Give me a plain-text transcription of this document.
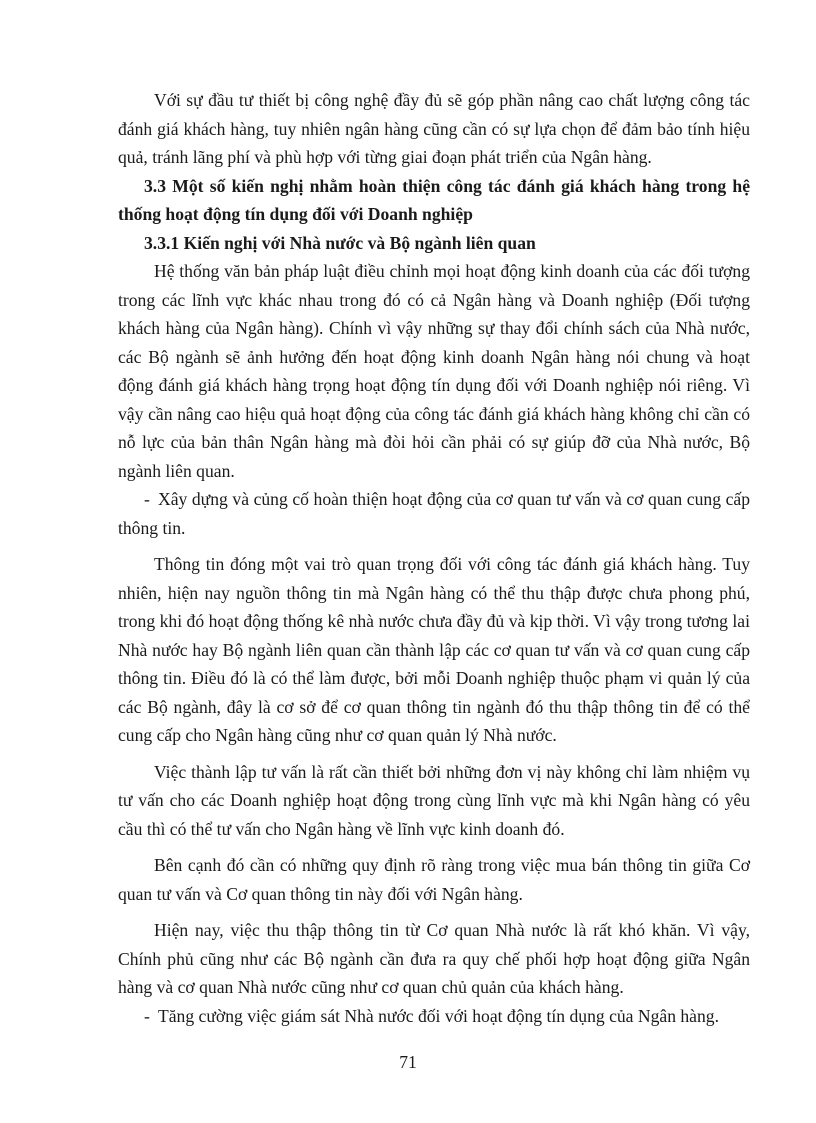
Với sự đầu tư thiết bị công nghệ đầy đủ sẽ góp phần nâng cao chất lượng công tác đánh giá khách hàng, tuy nhiên ngân hàng cũng cần có sự lựa chọn để đảm bảo tính hiệu quả, tránh lãng phí và phù hợp với từng giai đoạn phát triển của Ngân hàng.

3.3 Một số kiến nghị nhằm hoàn thiện công tác đánh giá khách hàng trong hệ thống hoạt động tín dụng đối với Doanh nghiệp
3.3.1 Kiến nghị với Nhà nước và Bộ ngành liên quan

Hệ thống văn bản pháp luật điều chỉnh mọi hoạt động kinh doanh của các đối tượng trong các lĩnh vực khác nhau trong đó có cả Ngân hàng và Doanh nghiệp (Đối tượng khách hàng của Ngân hàng). Chính vì vậy những sự thay đổi chính sách của Nhà nước, các Bộ ngành sẽ ảnh hưởng đến hoạt động kinh doanh Ngân hàng nói chung và hoạt động đánh giá khách hàng trọng hoạt động tín dụng đối với Doanh nghiệp nói riêng. Vì vậy cần nâng cao hiệu quả hoạt động của công tác đánh giá khách hàng không chỉ cần có nỗ lực của bản thân Ngân hàng mà đòi hỏi cần phải có sự giúp đỡ của Nhà nước, Bộ ngành liên quan.

- Xây dựng và củng cố hoàn thiện hoạt động của cơ quan tư vấn và cơ quan cung cấp thông tin.

Thông tin đóng một vai trò quan trọng đối với công tác đánh giá khách hàng. Tuy nhiên, hiện nay nguồn thông tin mà Ngân hàng có thể thu thập được chưa phong phú, trong khi đó hoạt động thống kê nhà nước chưa đầy đủ và kịp thời. Vì vậy trong tương lai Nhà nước hay Bộ ngành liên quan cần thành lập các cơ quan tư vấn và cơ quan cung cấp thông tin. Điều đó là có thể làm được, bởi mỗi Doanh nghiệp thuộc phạm vi quản lý của các Bộ ngành, đây là cơ sở để cơ quan thông tin ngành đó thu thập thông tin để có thể cung cấp cho Ngân hàng cũng như cơ quan quản lý Nhà nước.

Việc thành lập tư vấn là rất cần thiết bởi những đơn vị này không chỉ làm nhiệm vụ tư vấn cho các Doanh nghiệp hoạt động trong cùng lĩnh vực mà khi Ngân hàng có yêu cầu thì có thể tư vấn cho Ngân hàng về lĩnh vực kinh doanh đó.

Bên cạnh đó cần có những quy định rõ ràng trong việc mua bán thông tin giữa Cơ quan tư vấn và Cơ quan thông tin này đối với Ngân hàng.

Hiện nay, việc thu thập thông tin từ Cơ quan Nhà nước là rất khó khăn. Vì vậy, Chính phủ cũng như các Bộ ngành cần đưa ra quy chế phối hợp hoạt động giữa Ngân hàng và cơ quan Nhà nước cũng như cơ quan chủ quản của khách hàng.

- Tăng cường việc giám sát Nhà nước đối với hoạt động tín dụng của Ngân hàng.

71
